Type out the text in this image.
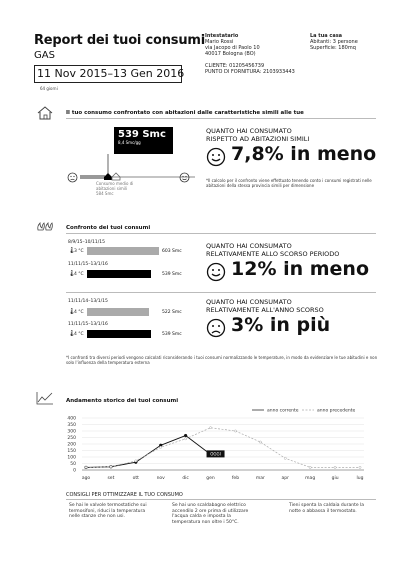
Report dei tuoi consumi
GAS
11 Nov 2015–13 Gen 2016
64 giorni
Intestatario
Mario Rossi
via Jacopo di Paolo 10
40017 Bologna (BO)
CLIENTE: 01205456739
PUNTO DI FORNITURA: 2103933443
La tua casa
Abitanti: 3 persone
Superficie: 180mq
Il tuo consumo confrontato con abitazioni dalle caratteristiche simili alle tue
539 Smc
8,4 Smc/gg
Consumo medio di abitazioni simili
584 Smc
QUANTO HAI CONSUMATO
RISPETTO AD ABITAZIONI SIMILI
7,8% in meno
*Il calcolo per il confronto viene effettuato tenendo conto i consumi registrati nelle abitazioni della stessa provincia simili per dimensione
Confronto dei tuoi consumi
8/9/15–10/11/15
🌡
3 °C	603 Smc
11/11/15–13/1/16
🌡
4 °C	539 Smc
QUANTO HAI CONSUMATO
RELATIVAMENTE ALLO SCORSO PERIODO
12% in meno
11/11/14–13/1/15
🌡
4 °C	522 Smc
11/11/15–13/1/16
🌡
4 °C	539 Smc
QUANTO HAI CONSUMATO
RELATIVAMENTE ALL'ANNO SCORSO
3% in più
*I confronti tra diversi periodi vengono calcolati riconsiderando i tuoi consumi normalizzando le temperature, in modo da evidenziare le tue abitudini e non solo l'influenza della temperatura esterna
Andamento storico dei tuoi consumi
0
50
100
150
200
250
300
350
400
ago	set	ott	nov	dic	gen	feb	mar	apr	mag	giu	lug
anno corrente	anno precedente
OGGI
CONSIGLI PER OTTIMIZZARE IL TUO CONSUMO
Se hai le valvole termostatiche sui termosifoni, riduci la temperatura nelle stanze che non usi.
Se hai uno scaldabagno elettrico accendilo 2 ore prima di utilizzare l'acqua calda e imposta la temperatura non oltre i 50°C.
Tieni spenta la caldaia durante la notte o abbassa il termostato.
